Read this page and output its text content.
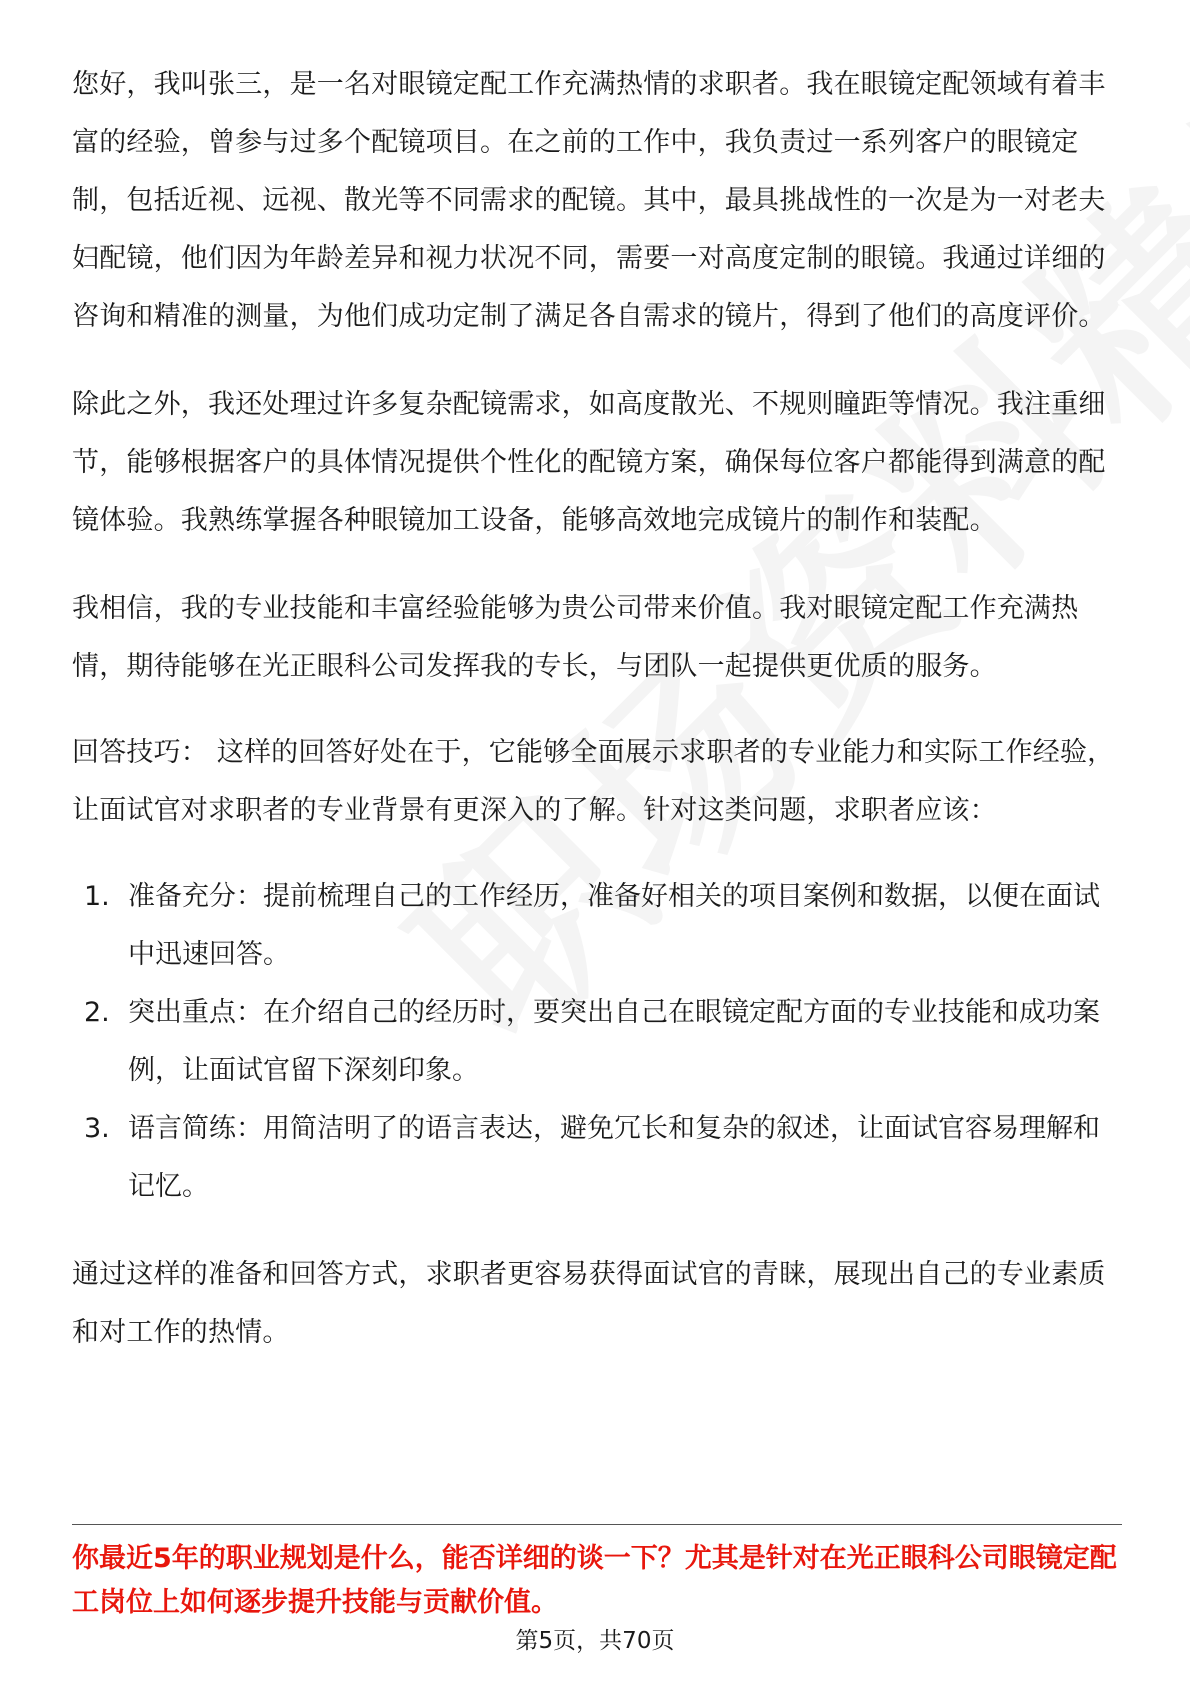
您好，我叫张三，是一名对眼镜定配工作充满热情的求职者。我在眼镜定配领域有着丰富的经验，曾参与过多个配镜项目。在之前的工作中，我负责过一系列客户的眼镜定制，包括近视、远视、散光等不同需求的配镜。其中，最具挑战性的一次是为一对老夫妇配镜，他们因为年龄差异和视力状况不同，需要一对高度定制的眼镜。我通过详细的咨询和精准的测量，为他们成功定制了满足各自需求的镜片，得到了他们的高度评价。

除此之外，我还处理过许多复杂配镜需求，如高度散光、不规则瞳距等情况。我注重细节，能够根据客户的具体情况提供个性化的配镜方案，确保每位客户都能得到满意的配镜体验。我熟练掌握各种眼镜加工设备，能够高效地完成镜片的制作和装配。

我相信，我的专业技能和丰富经验能够为贵公司带来价值。我对眼镜定配工作充满热情，期待能够在光正眼科公司发挥我的专长，与团队一起提供更优质的服务。

回答技巧： 这样的回答好处在于，它能够全面展示求职者的专业能力和实际工作经验，让面试官对求职者的专业背景有更深入的了解。针对这类问题，求职者应该：

1. 准备充分：提前梳理自己的工作经历，准备好相关的项目案例和数据，以便在面试中迅速回答。
2. 突出重点：在介绍自己的经历时，要突出自己在眼镜定配方面的专业技能和成功案例，让面试官留下深刻印象。
3. 语言简练：用简洁明了的语言表达，避免冗长和复杂的叙述，让面试官容易理解和记忆。

通过这样的准备和回答方式，求职者更容易获得面试官的青睐，展现出自己的专业素质和对工作的热情。

你最近5年的职业规划是什么，能否详细的谈一下？尤其是针对在光正眼科公司眼镜定配工岗位上如何逐步提升技能与贡献价值。

第5页，共70页
